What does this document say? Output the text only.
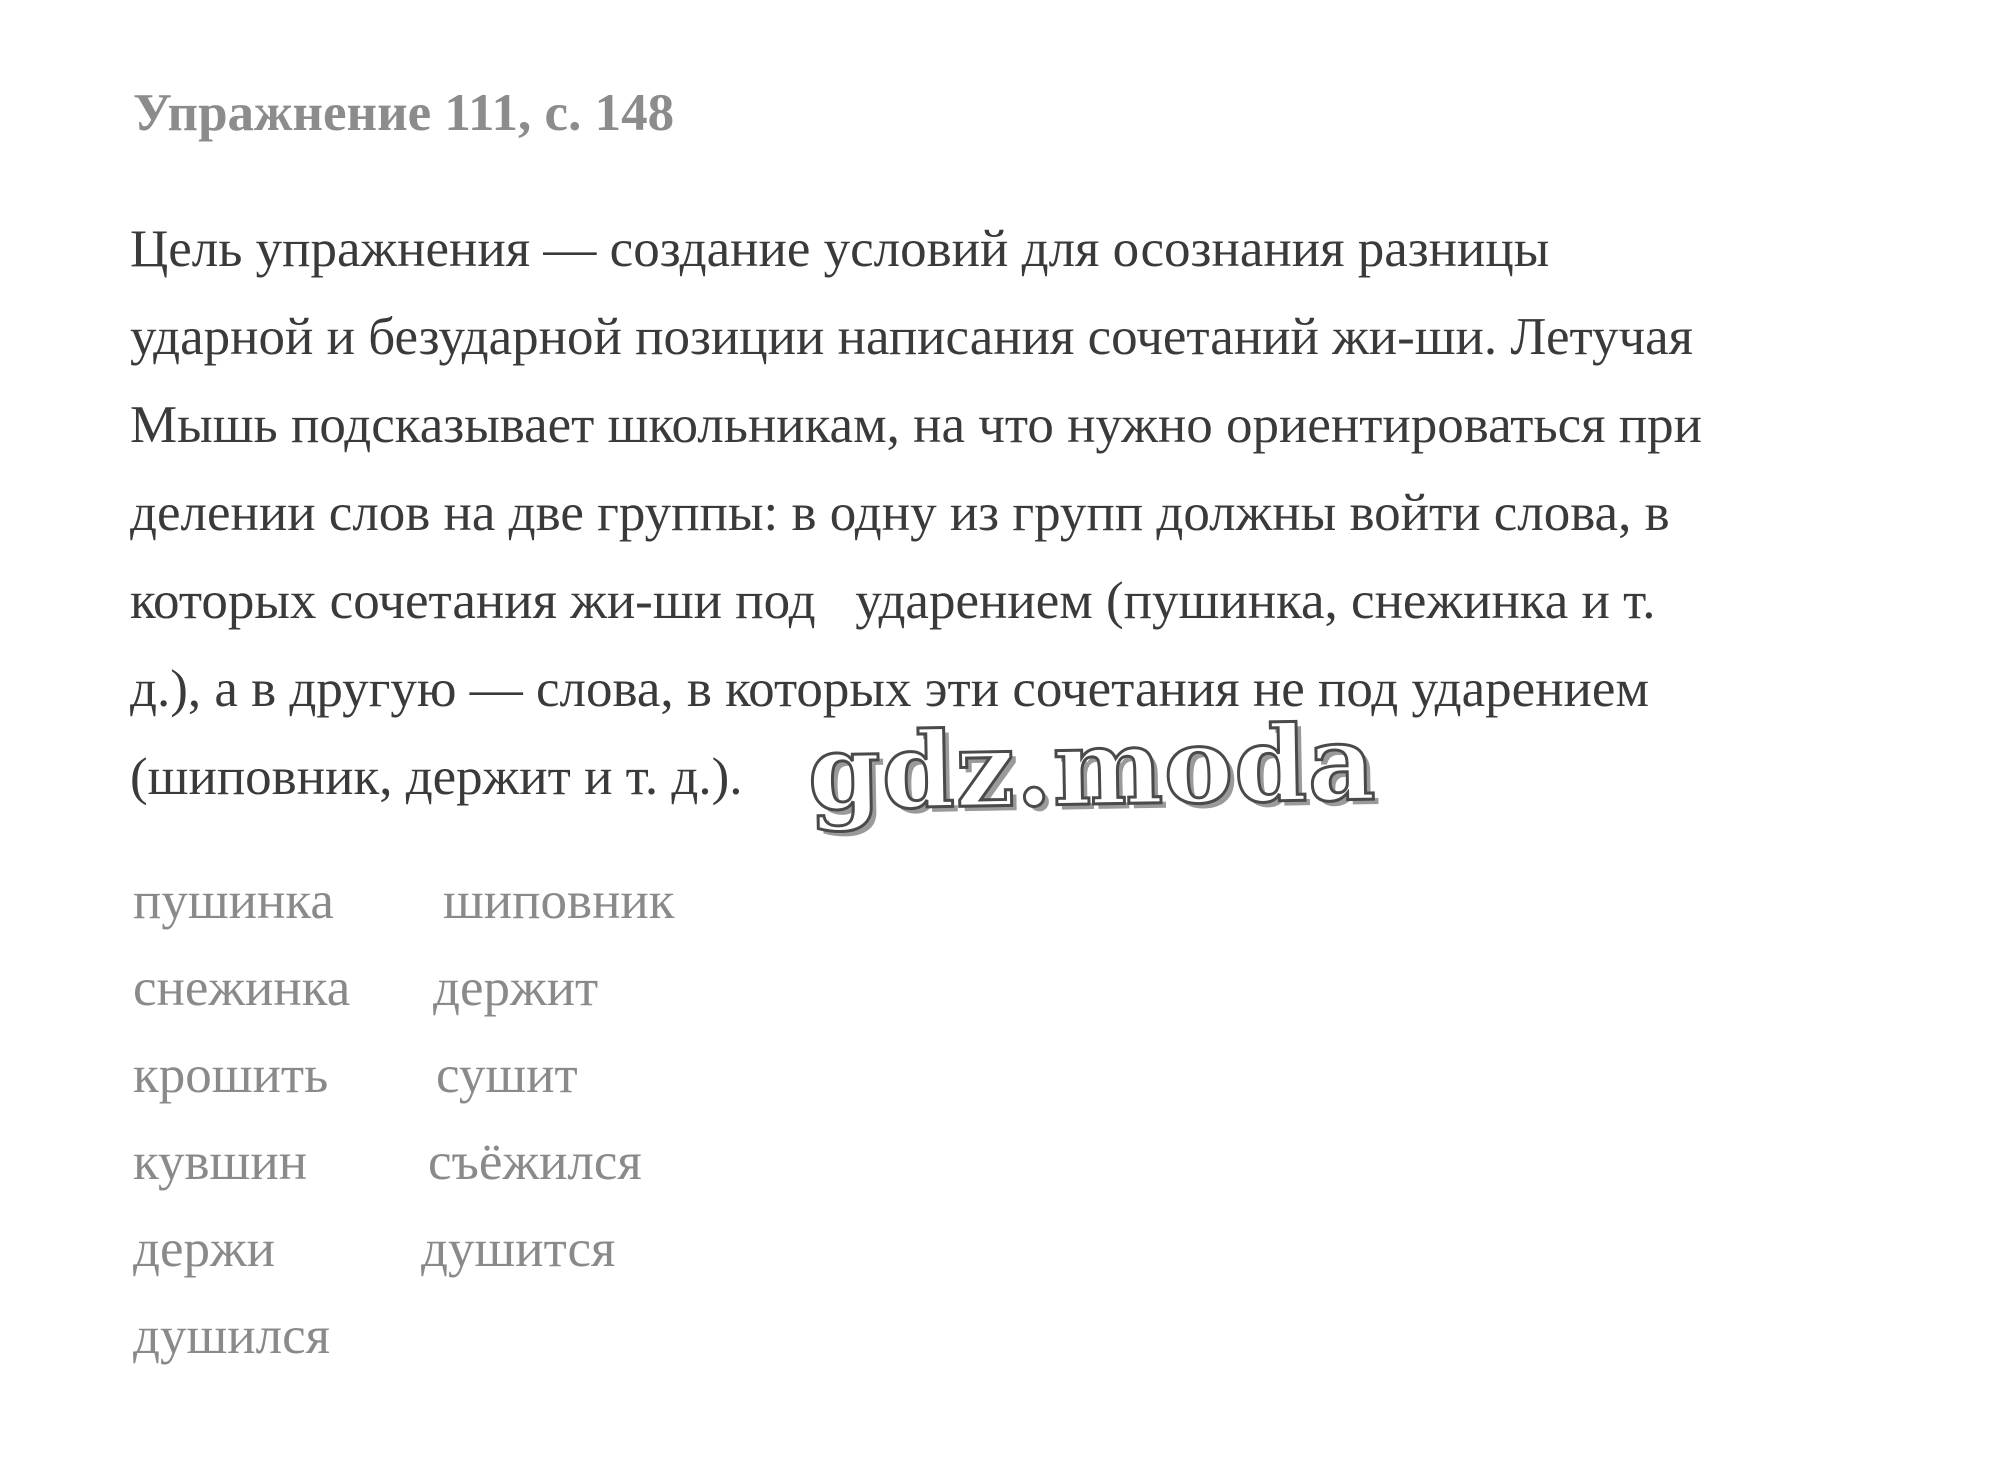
Упражнение 111, с. 148
Цель упражнения — создание условий для осознания разницы
ударной и безударной позиции написания сочетаний жи-ши. Летучая
Мышь подсказывает школьникам, на что нужно ориентироваться при
делении слов на две группы: в одну из групп должны войти слова, в
которых сочетания жи-ши под   ударением (пушинка, снежинка и т.
д.), а в другую — слова, в которых эти сочетания не под ударением
(шиповник, держит и т. д.). gdz.moda
пушинка
снежинка
крошить
кувшин
держи
душился
шиповник
держит
сушит
съёжился
душится
